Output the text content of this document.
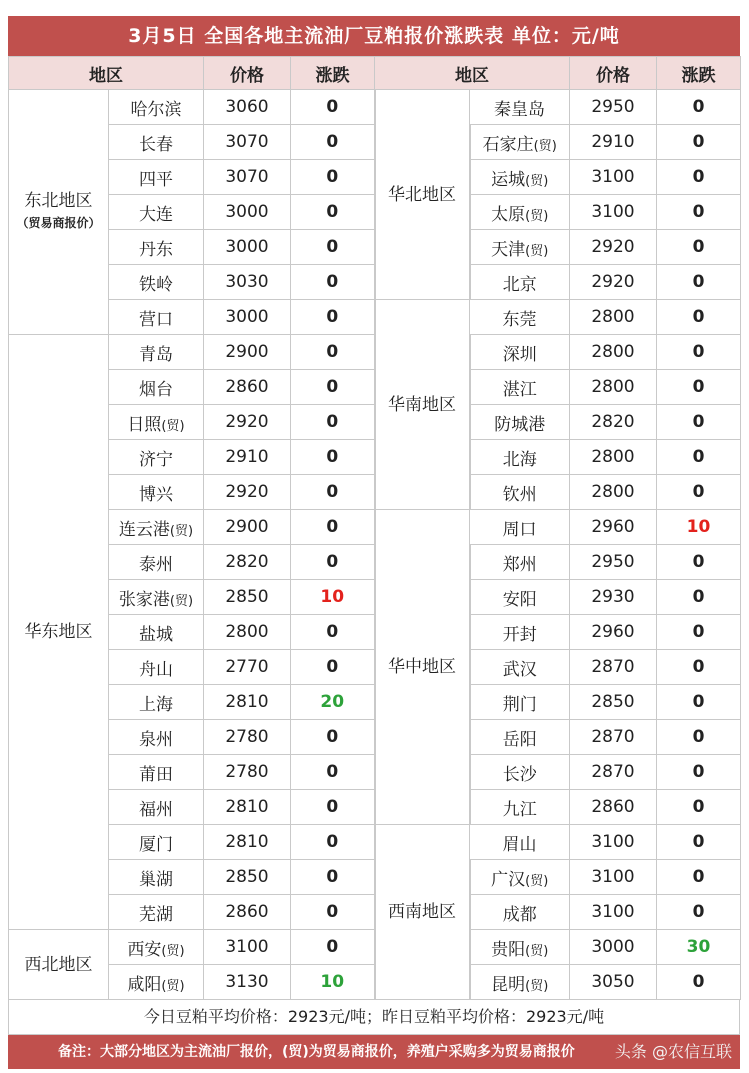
3月5日 全国各地主流油厂豆粕报价涨跌表 单位：元/吨
地区		价格	涨跌	地区		价格	涨跌
东北地区
（贸易商报价）	哈尔滨	3060	0	华北地区	秦皇岛	2950	0
	长春	3070	0		石家庄(贸)	2910	0
	四平	3070	0		运城(贸)	3100	0
	大连	3000	0		太原(贸)	3100	0
	丹东	3000	0		天津(贸)	2920	0
	铁岭	3030	0		北京	2920	0
	营口	3000	0	华南地区	东莞	2800	0
华东地区	青岛	2900	0		深圳	2800	0
	烟台	2860	0		湛江	2800	0
	日照(贸)	2920	0		防城港	2820	0
	济宁	2910	0		北海	2800	0
	博兴	2920	0		钦州	2800	0
	连云港(贸)	2900	0	华中地区	周口	2960	10
	泰州	2820	0		郑州	2950	0
	张家港(贸)	2850	10		安阳	2930	0
	盐城	2800	0		开封	2960	0
	舟山	2770	0		武汉	2870	0
	上海	2810	20		荆门	2850	0
	泉州	2780	0		岳阳	2870	0
	莆田	2780	0		长沙	2870	0
	福州	2810	0		九江	2860	0
	厦门	2810	0	西南地区	眉山	3100	0
	巢湖	2850	0		广汉(贸)	3100	0
	芜湖	2860	0		成都	3100	0
西北地区	西安(贸)	3100	0		贵阳(贸)	3000	30
	咸阳(贸)	3130	10		昆明(贸)	3050	0
今日豆粕平均价格：2923元/吨；昨日豆粕平均价格：2923元/吨
备注：大部分地区为主流油厂报价，(贸)为贸易商报价，养殖户采购多为贸易商报价	头条 @农信互联
